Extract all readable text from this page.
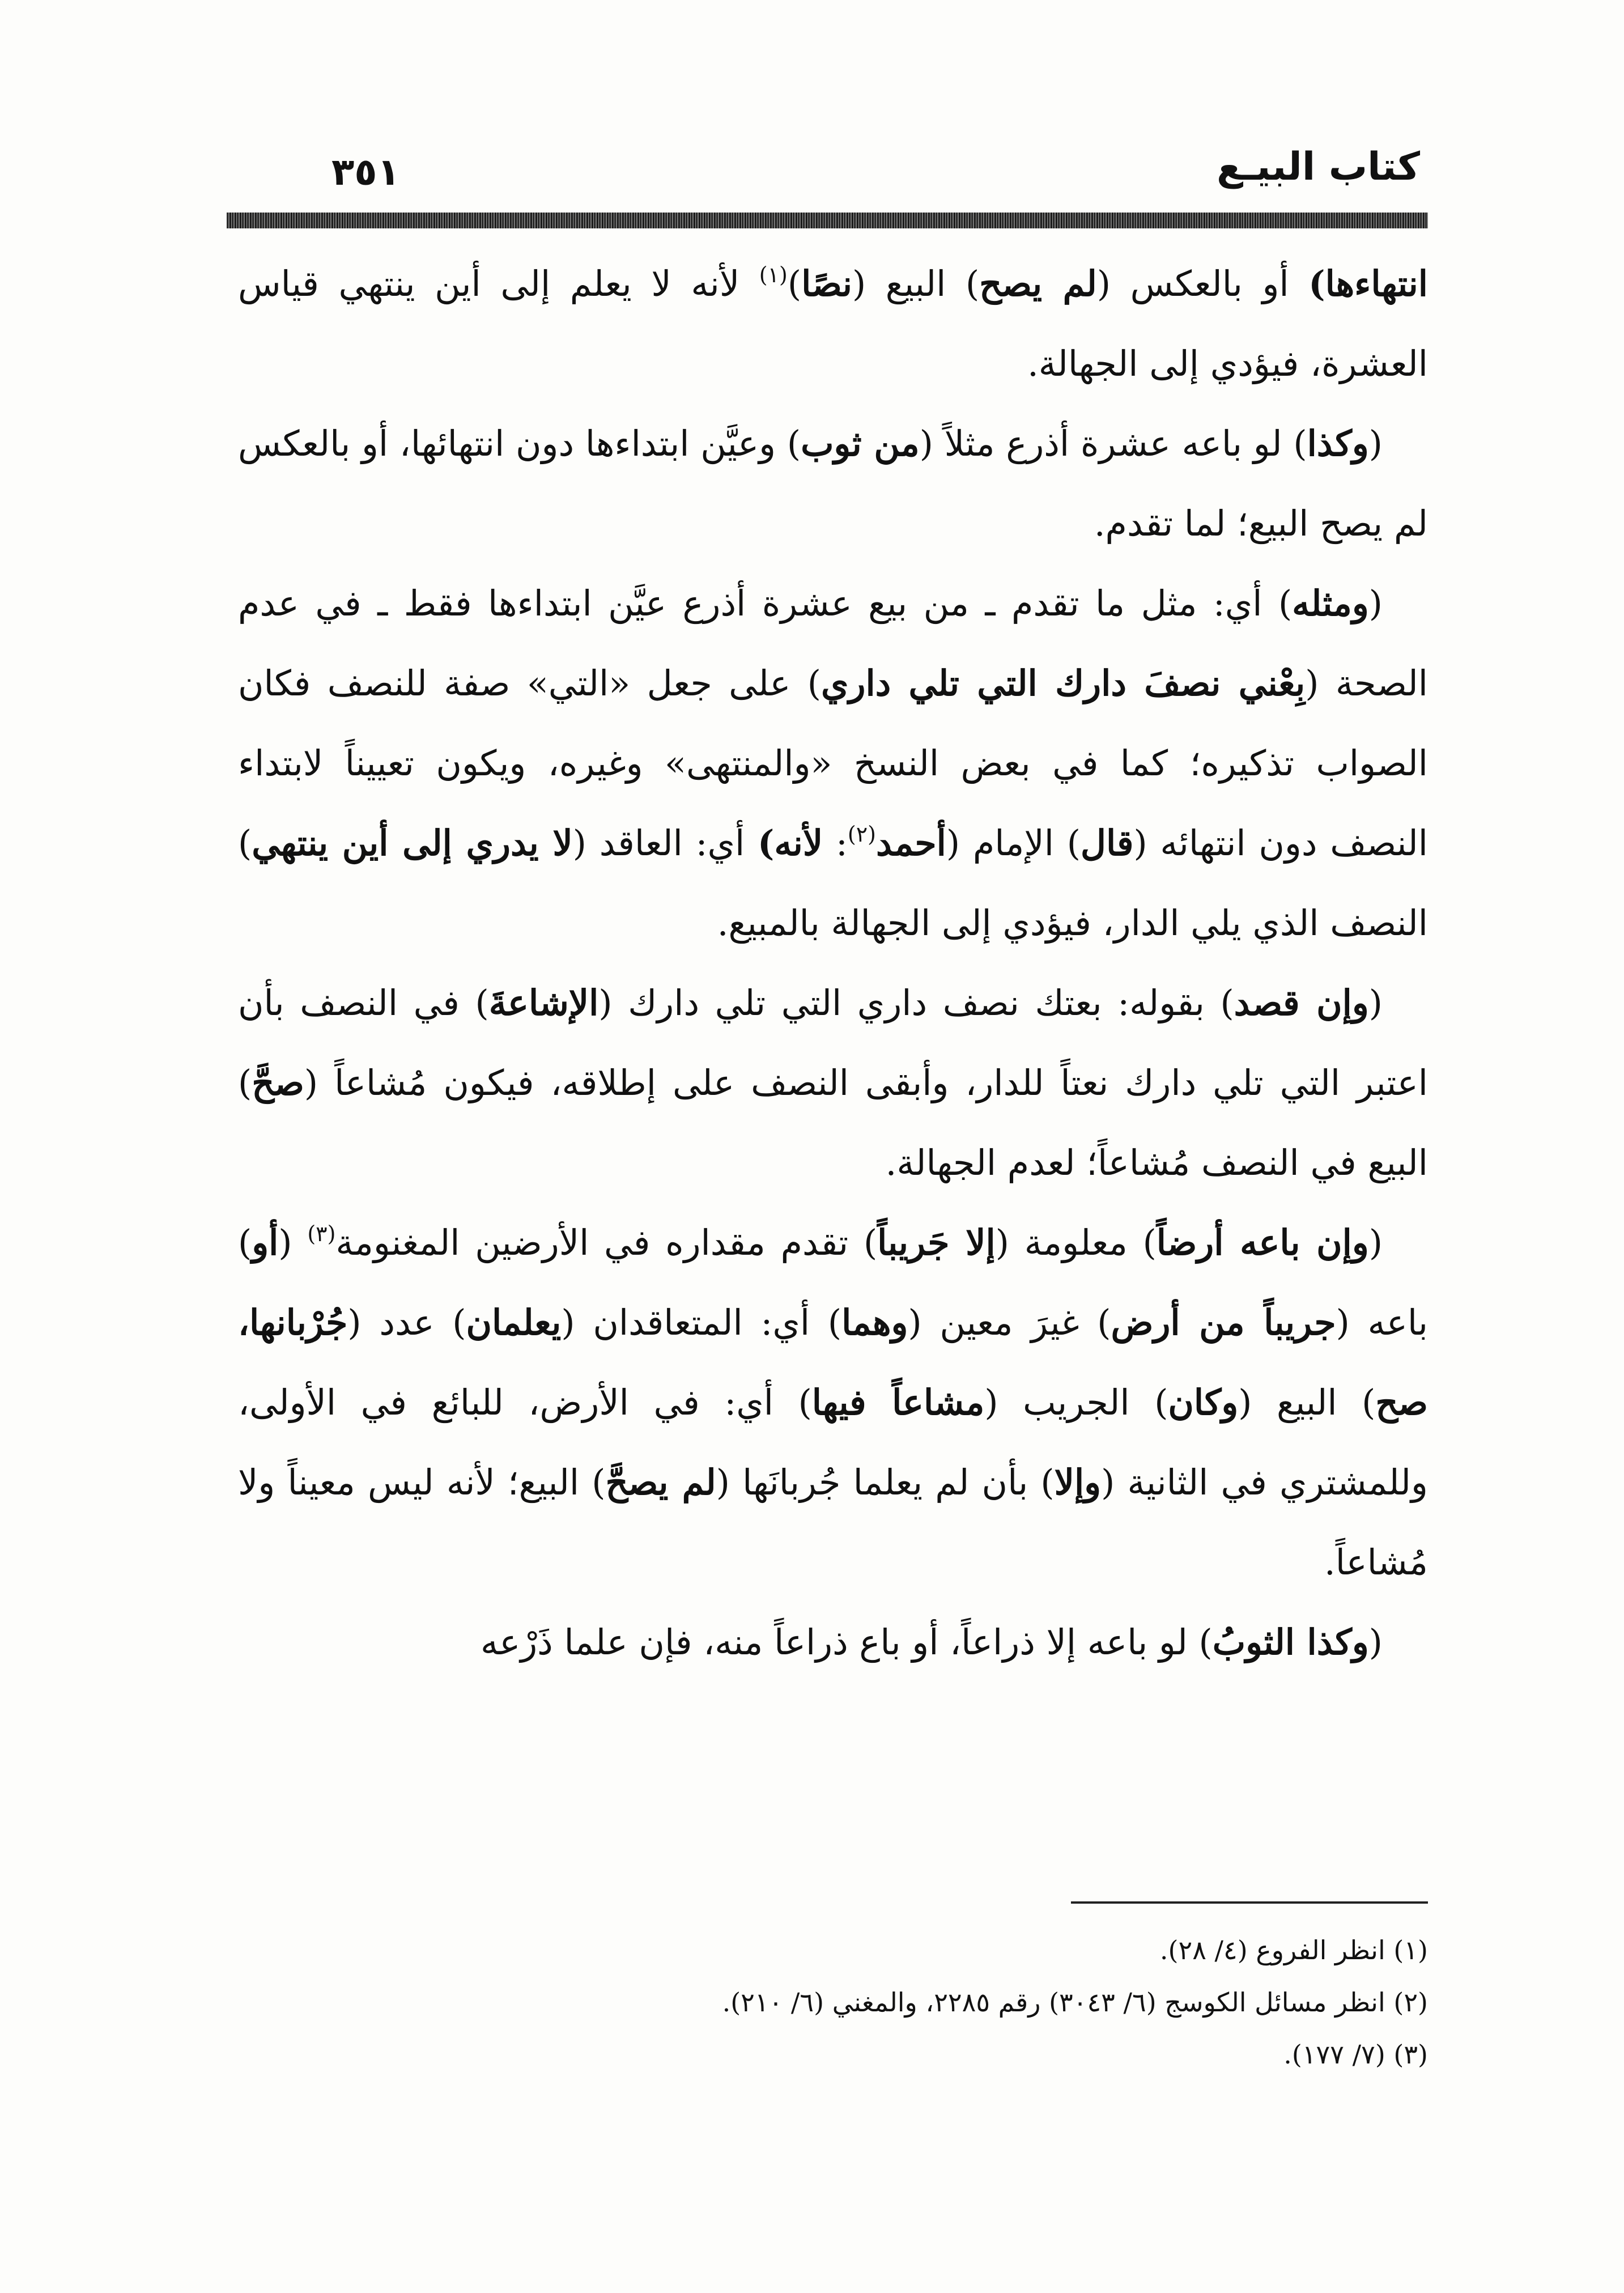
كتاب البيـع
٣٥١

انتهاءها) أو بالعكس (لم يصح) البيع (نصًا)$^{(١)}$ لأنه لا يعلم إلى أين ينتهي قياس العشرة، فيؤدي إلى الجهالة.

(وكذا) لو باعه عشرة أذرع مثلاً (من ثوب) وعيَّن ابتداءها دون انتهائها، أو بالعكس لم يصح البيع؛ لما تقدم.

(ومثله) أي: مثل ما تقدم ـ من بيع عشرة أذرع عيَّن ابتداءها فقط ـ في عدم الصحة (بِعْني نصفَ دارك التي تلي داري) على جعل «التي» صفة للنصف فكان الصواب تذكيره؛ كما في بعض النسخ «والمنتهى» وغيره، ويكون تعييناً لابتداء النصف دون انتهائه (قال) الإمام (أحمد$^{(٢)}$: لأنه) أي: العاقد (لا يدري إلى أين ينتهي) النصف الذي يلي الدار، فيؤدي إلى الجهالة بالمبيع.

(وإن قصد) بقوله: بعتك نصف داري التي تلي دارك (الإشاعةَ) في النصف بأن اعتبر التي تلي دارك نعتاً للدار، وأبقى النصف على إطلاقه، فيكون مُشاعاً (صحَّ) البيع في النصف مُشاعاً؛ لعدم الجهالة.

(وإن باعه أرضاً) معلومة (إلا جَريباً) تقدم مقداره في الأرضين المغنومة$^{(٣)}$ (أو) باعه (جريباً من أرض) غيرَ معين (وهما) أي: المتعاقدان (يعلمان) عدد (جُرْبانها، صح) البيع (وكان) الجريب (مشاعاً فيها) أي: في الأرض، للبائع في الأولى، وللمشتري في الثانية (وإلا) بأن لم يعلما جُربانَها (لم يصحَّ) البيع؛ لأنه ليس معيناً ولا مُشاعاً.

(وكذا الثوبُ) لو باعه إلا ذراعاً، أو باع ذراعاً منه، فإن علما ذَرْعه

(١) انظر الفروع (٤/ ٢٨).

(٢) انظر مسائل الكوسج (٦/ ٣٠٤٣) رقم ٢٢٨٥، والمغني (٦/ ٢١٠).

(٣) (٧/ ١٧٧).
